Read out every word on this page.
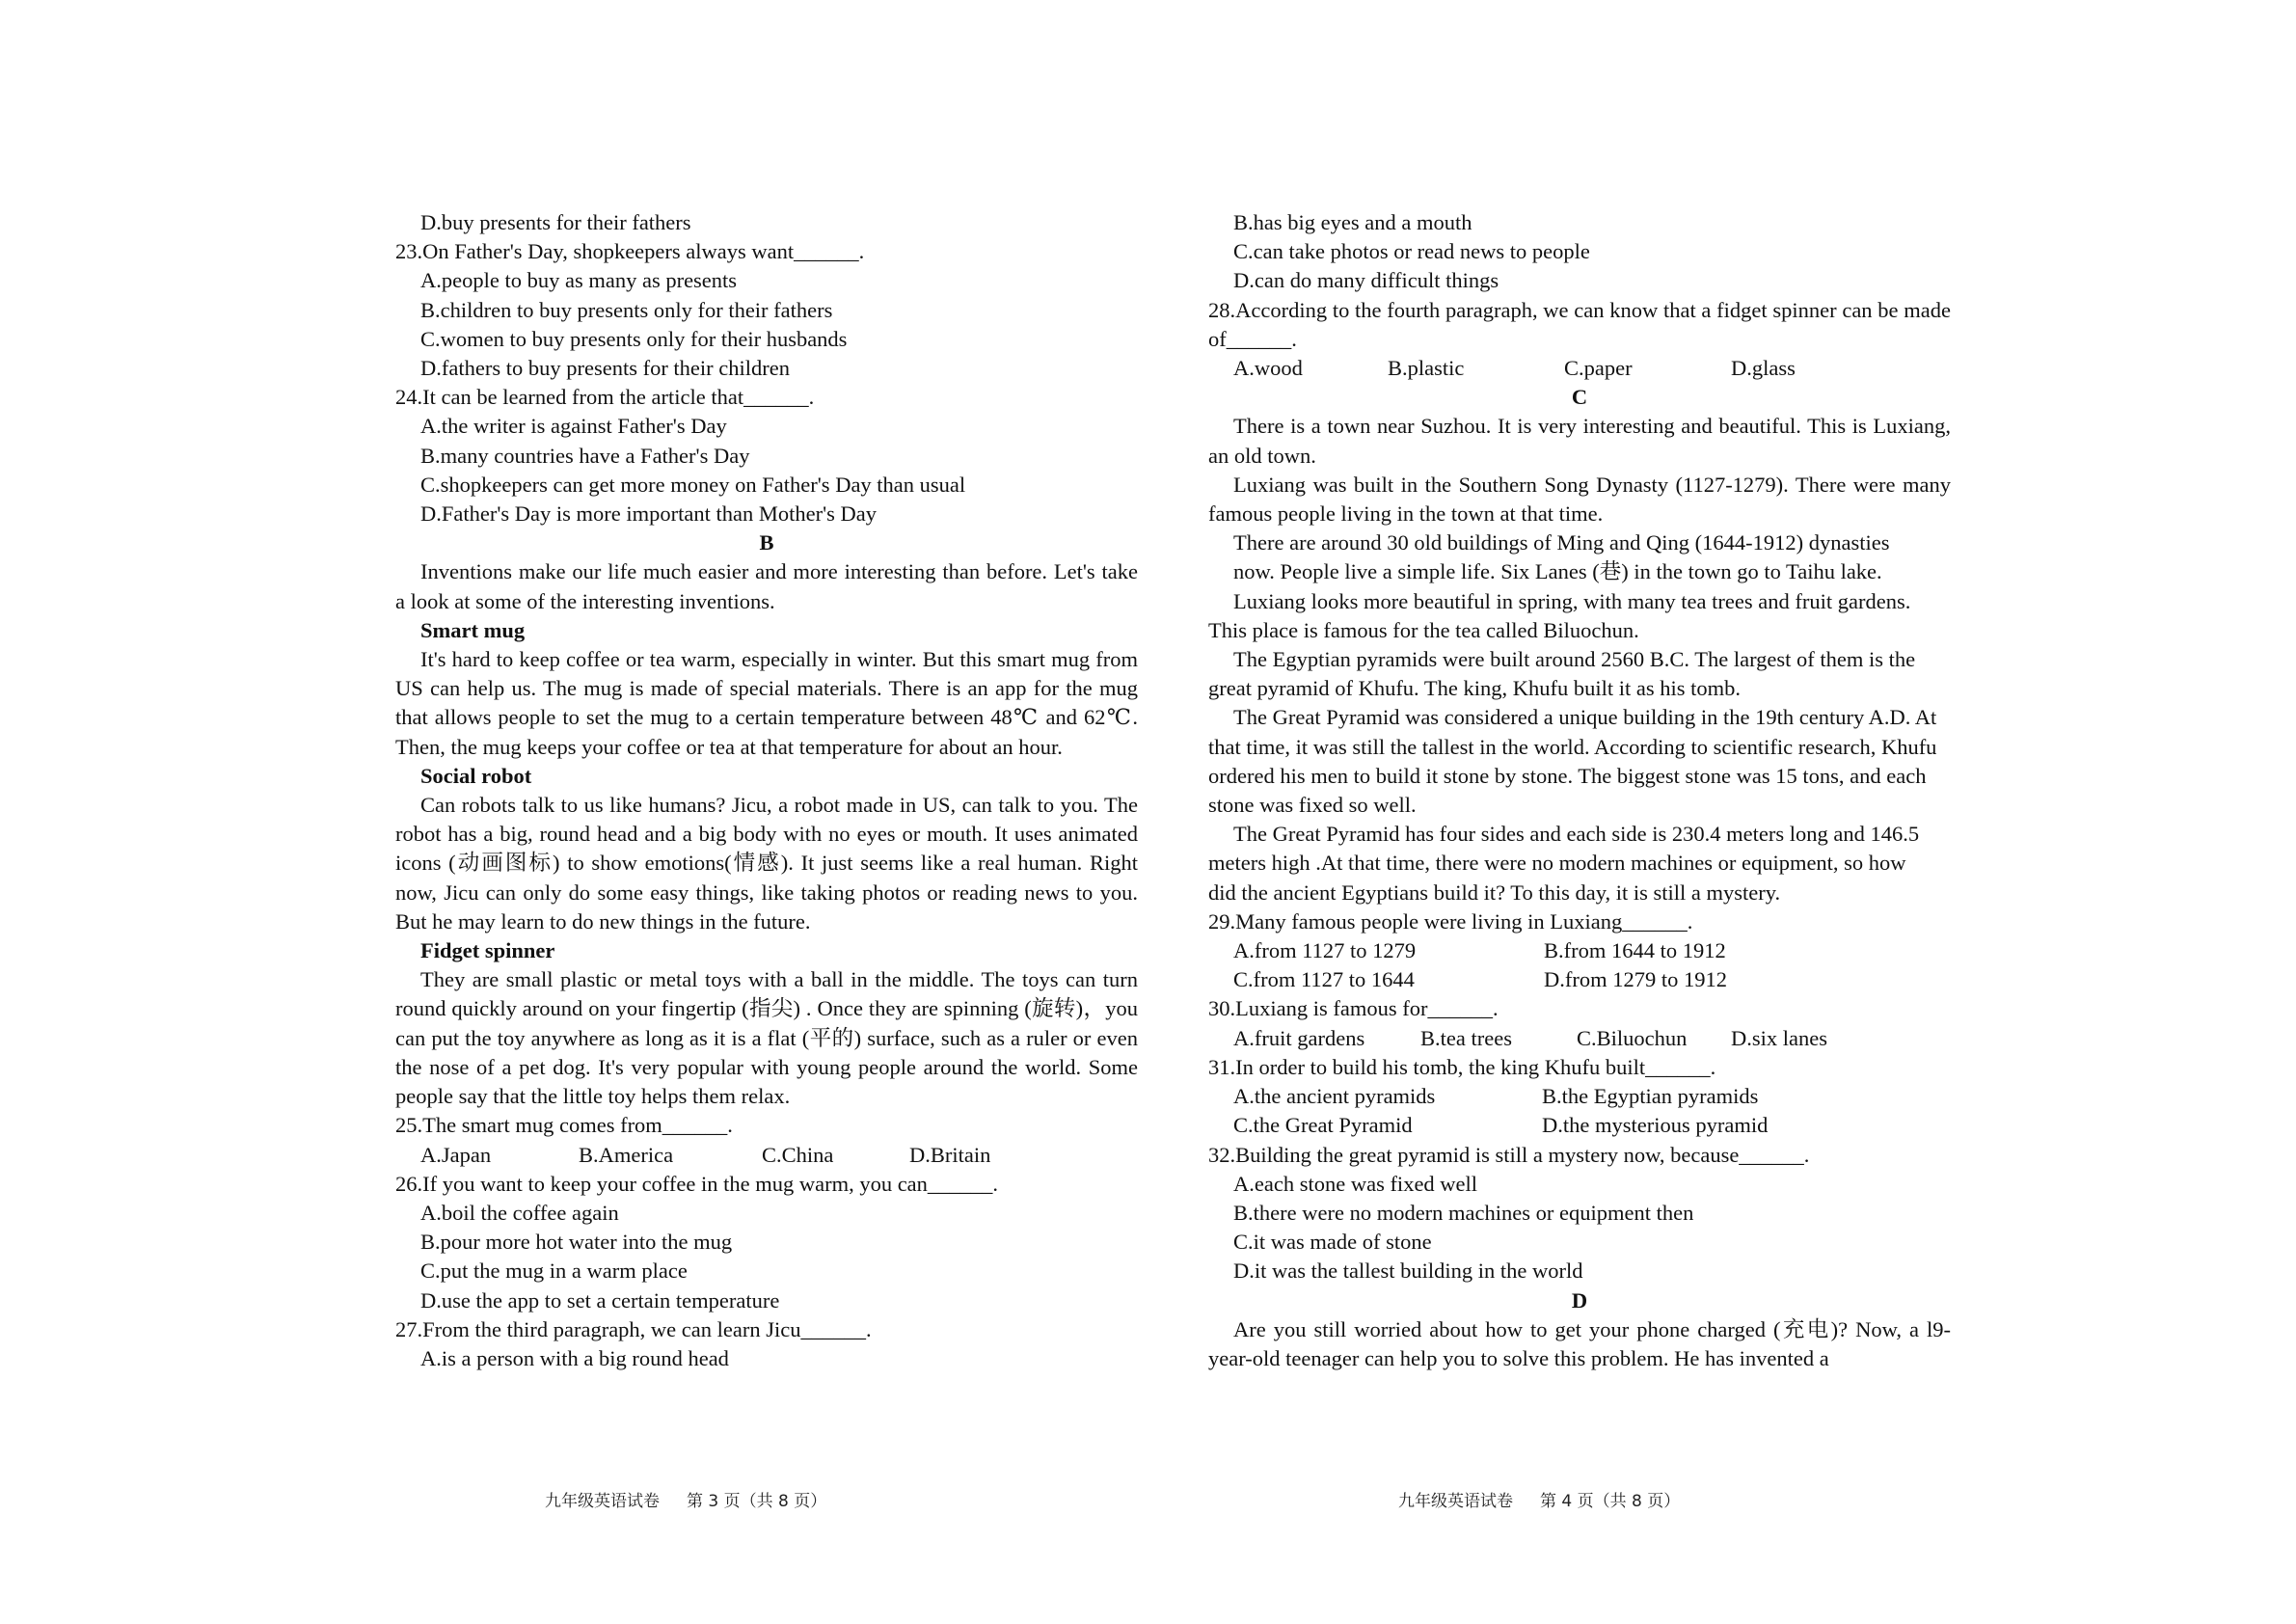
D.buy presents for their fathers
23.On Father's Day, shopkeepers always want______.
A.people to buy as many as presents
B.children to buy presents only for their fathers
C.women to buy presents only for their husbands
D.fathers to buy presents for their children
24.It can be learned from the article that______.
A.the writer is against Father's Day
B.many countries have a Father's Day
C.shopkeepers can get more money on Father's Day than usual
D.Father's Day is more important than Mother's Day
B
Inventions make our life much easier and more interesting than before. Let's take a look at some of the interesting inventions.
Smart mug
It's hard to keep coffee or tea warm, especially in winter. But this smart mug from US can help us. The mug is made of special materials. There is an app for the mug that allows people to set the mug to a certain temperature between 48℃ and 62℃. Then, the mug keeps your coffee or tea at that temperature for about an hour.
Social robot
Can robots talk to us like humans? Jicu, a robot made in US, can talk to you. The robot has a big, round head and a big body with no eyes or mouth. It uses animated icons (动画图标) to show emotions(情感). It just seems like a real human. Right now, Jicu can only do some easy things, like taking photos or reading news to you. But he may learn to do new things in the future.
Fidget spinner
They are small plastic or metal toys with a ball in the middle. The toys can turn round quickly around on your fingertip (指尖) . Once they are spinning (旋转)，you can put the toy anywhere as long as it is a flat (平的) surface, such as a ruler or even the nose of a pet dog. It's very popular with young people around the world. Some people say that the little toy helps them relax.
25.The smart mug comes from______.
A.Japan	B.America	C.China	D.Britain
26.If you want to keep your coffee in the mug warm, you can______.
A.boil the coffee again
B.pour more hot water into the mug
C.put the mug in a warm place
D.use the app to set a certain temperature
27.From the third paragraph, we can learn Jicu______.
A.is a person with a big round head
九年级英语试卷 第 3 页（共 8 页）
B.has big eyes and a mouth
C.can take photos or read news to people
D.can do many difficult things
28.According to the fourth paragraph, we can know that a fidget spinner can be made of______.
A.wood	B.plastic	C.paper	D.glass
C
There is a town near Suzhou. It is very interesting and beautiful. This is Luxiang, an old town.
Luxiang was built in the Southern Song Dynasty (1127-1279). There were many famous people living in the town at that time.
There are around 30 old buildings of Ming and Qing (1644-1912) dynasties
now. People live a simple life. Six Lanes (巷) in the town go to Taihu lake.
Luxiang looks more beautiful in spring, with many tea trees and fruit gardens. This place is famous for the tea called Biluochun.
The Egyptian pyramids were built around 2560 B.C. The largest of them is the great pyramid of Khufu. The king, Khufu built it as his tomb.
The Great Pyramid was considered a unique building in the 19th century A.D. At that time, it was still the tallest in the world. According to scientific research, Khufu ordered his men to build it stone by stone. The biggest stone was 15 tons, and each stone was fixed so well.
The Great Pyramid has four sides and each side is 230.4 meters long and 146.5 meters high .At that time, there were no modern machines or equipment, so how
did the ancient Egyptians build it? To this day, it is still a mystery.
29.Many famous people were living in Luxiang______.
A.from 1127 to 1279	B.from 1644 to 1912
C.from 1127 to 1644	D.from 1279 to 1912
30.Luxiang is famous for______.
A.fruit gardens	B.tea trees	C.Biluochun	D.six lanes
31.In order to build his tomb, the king Khufu built______.
A.the ancient pyramids	B.the Egyptian pyramids
C.the Great Pyramid	D.the mysterious pyramid
32.Building the great pyramid is still a mystery now, because______.
A.each stone was fixed well
B.there were no modern machines or equipment then
C.it was made of stone
D.it was the tallest building in the world
D
Are you still worried about how to get your phone charged (充电)? Now, a l9-year-old teenager can help you to solve this problem. He has invented a
九年级英语试卷 第 4 页（共 8 页）
